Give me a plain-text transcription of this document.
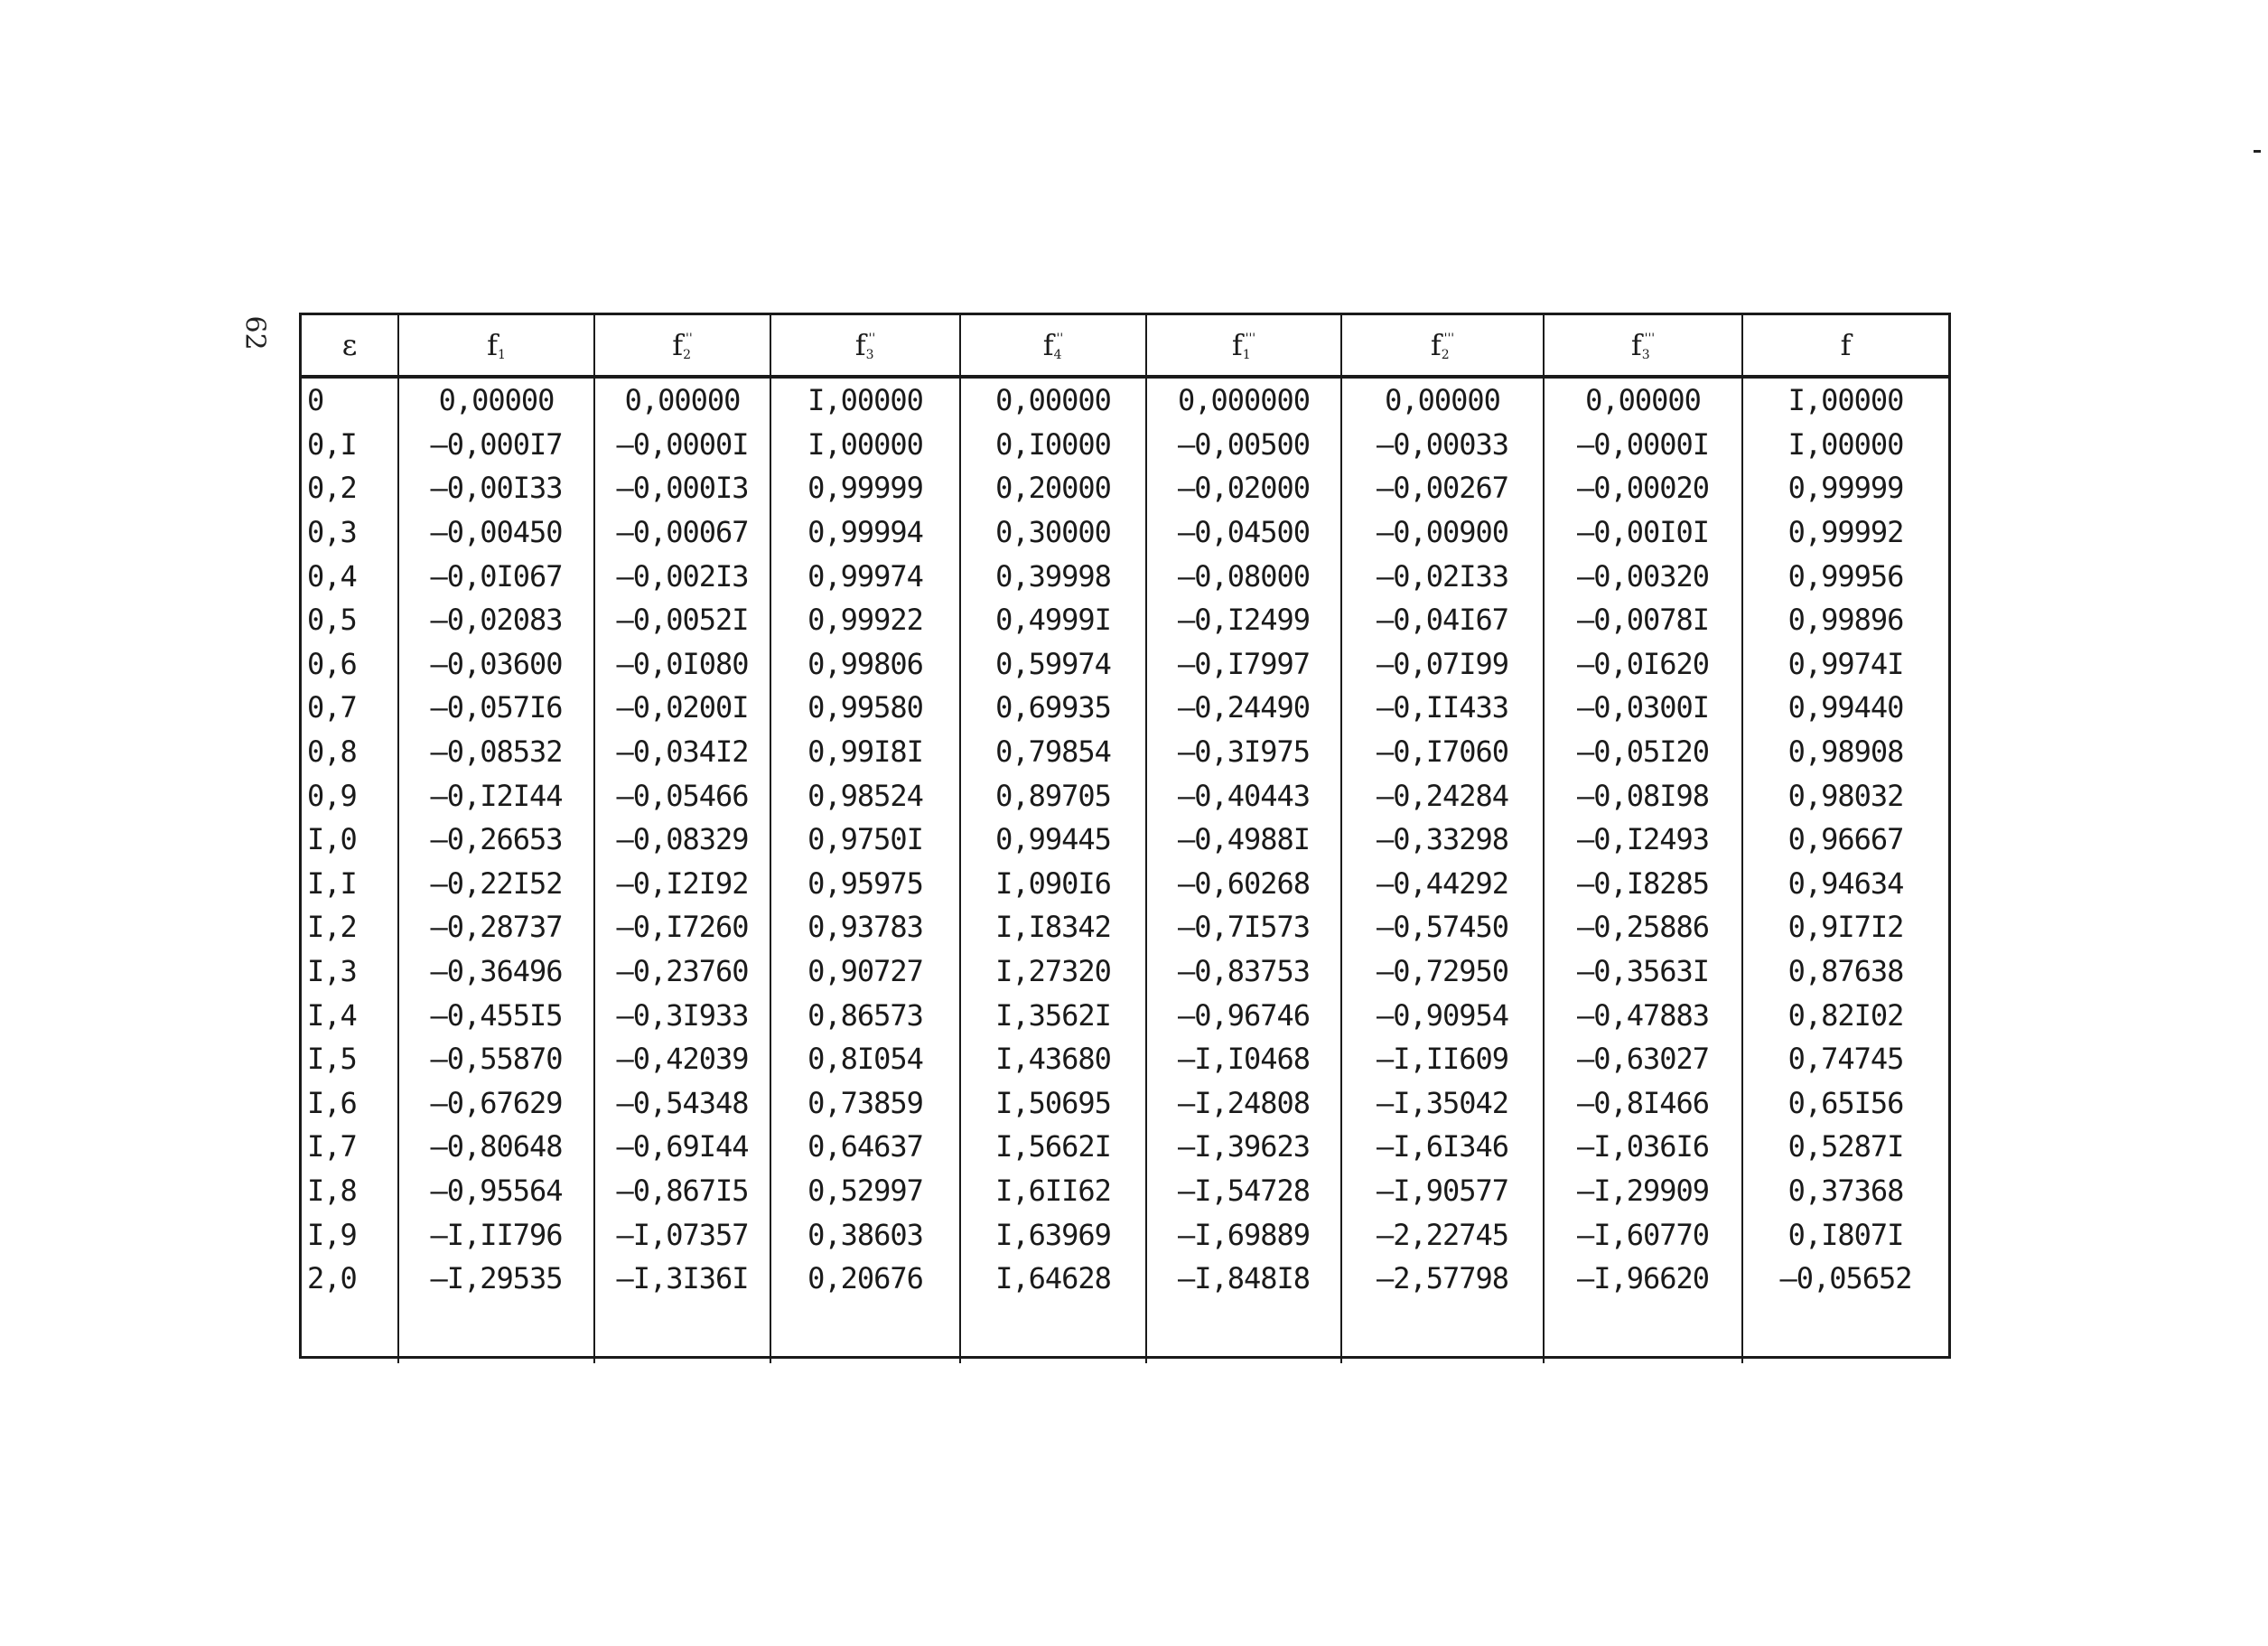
62 ε	$f_1$	$f_2''$	$f_3''$	$f_4''$	$f_1'''$	$f_2'''$	$f_3'''$	f
0	0,00000	0,00000	I,00000	0,00000	0,000000	0,00000	0,00000	I,00000
0,I	–0,000I7	–0,0000I	I,00000	0,I0000	–0,00500	–0,00033	–0,0000I	I,00000
0,2	–0,00I33	–0,000I3	0,99999	0,20000	–0,02000	–0,00267	–0,00020	0,99999
0,3	–0,00450	–0,00067	0,99994	0,30000	–0,04500	–0,00900	–0,00I0I	0,99992
0,4	–0,0I067	–0,002I3	0,99974	0,39998	–0,08000	–0,02I33	–0,00320	0,99956
0,5	–0,02083	–0,0052I	0,99922	0,4999I	–0,I2499	–0,04I67	–0,0078I	0,99896
0,6	–0,03600	–0,0I080	0,99806	0,59974	–0,I7997	–0,07I99	–0,0I620	0,9974I
0,7	–0,057I6	–0,0200I	0,99580	0,69935	–0,24490	–0,II433	–0,0300I	0,99440
0,8	–0,08532	–0,034I2	0,99I8I	0,79854	–0,3I975	–0,I7060	–0,05I20	0,98908
0,9	–0,I2I44	–0,05466	0,98524	0,89705	–0,40443	–0,24284	–0,08I98	0,98032
I,0	–0,26653	–0,08329	0,9750I	0,99445	–0,4988I	–0,33298	–0,I2493	0,96667
I,I	–0,22I52	–0,I2I92	0,95975	I,090I6	–0,60268	–0,44292	–0,I8285	0,94634
I,2	–0,28737	–0,I7260	0,93783	I,I8342	–0,7I573	–0,57450	–0,25886	0,9I7I2
I,3	–0,36496	–0,23760	0,90727	I,27320	–0,83753	–0,72950	–0,3563I	0,87638
I,4	–0,455I5	–0,3I933	0,86573	I,3562I	–0,96746	–0,90954	–0,47883	0,82I02
I,5	–0,55870	–0,42039	0,8I054	I,43680	–I,I0468	–I,II609	–0,63027	0,74745
I,6	–0,67629	–0,54348	0,73859	I,50695	–I,24808	–I,35042	–0,8I466	0,65I56
I,7	–0,80648	–0,69I44	0,64637	I,5662I	–I,39623	–I,6I346	–I,036I6	0,5287I
I,8	–0,95564	–0,867I5	0,52997	I,6II62	–I,54728	–I,90577	–I,29909	0,37368
I,9	–I,II796	–I,07357	0,38603	I,63969	–I,69889	–2,22745	–I,60770	0,I807I
2,0	–I,29535	–I,3I36I	0,20676	I,64628	–I,848I8	–2,57798	–I,96620	–0,05652
